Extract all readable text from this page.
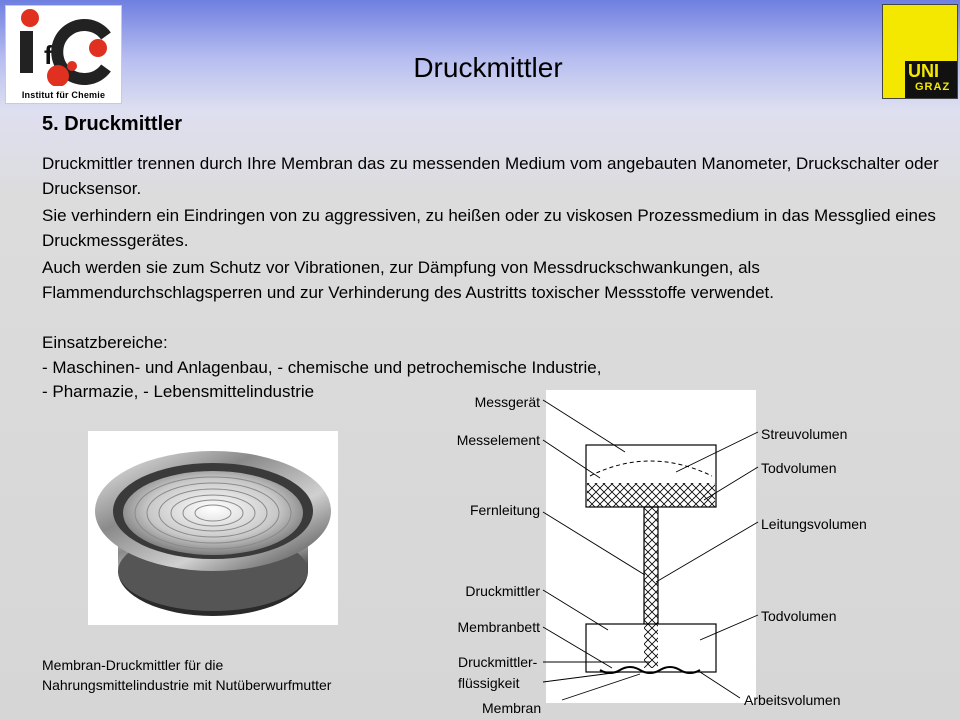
f
Institut für Chemie
UNI
GRAZ
Druckmittler
5. Druckmittler
Druckmittler trennen durch Ihre Membran das zu messenden Medium vom angebauten Manometer, Druckschalter oder Drucksensor.
Sie verhindern ein Eindringen von zu aggressiven, zu heißen oder zu viskosen Prozessmedium in das Messglied eines Druckmessgerätes.
Auch werden sie zum Schutz vor Vibrationen, zur Dämpfung von Messdruckschwankungen, als Flammendurchschlagsperren und zur Verhinderung des Austritts toxischer Messstoffe verwendet.
Einsatzbereiche:
- Maschinen- und Anlagenbau, - chemische und petrochemische Industrie,
- Pharmazie, - Lebensmittelindustrie
Membran-Druckmittler für die
Nahrungsmittelindustrie mit Nutüberwurfmutter
Messgerät
Messelement
Fernleitung
Druckmittler
Membranbett
Druckmittler-
flüssigkeit
Membran
Streuvolumen
Todvolumen
Leitungsvolumen
Todvolumen
Arbeitsvolumen
